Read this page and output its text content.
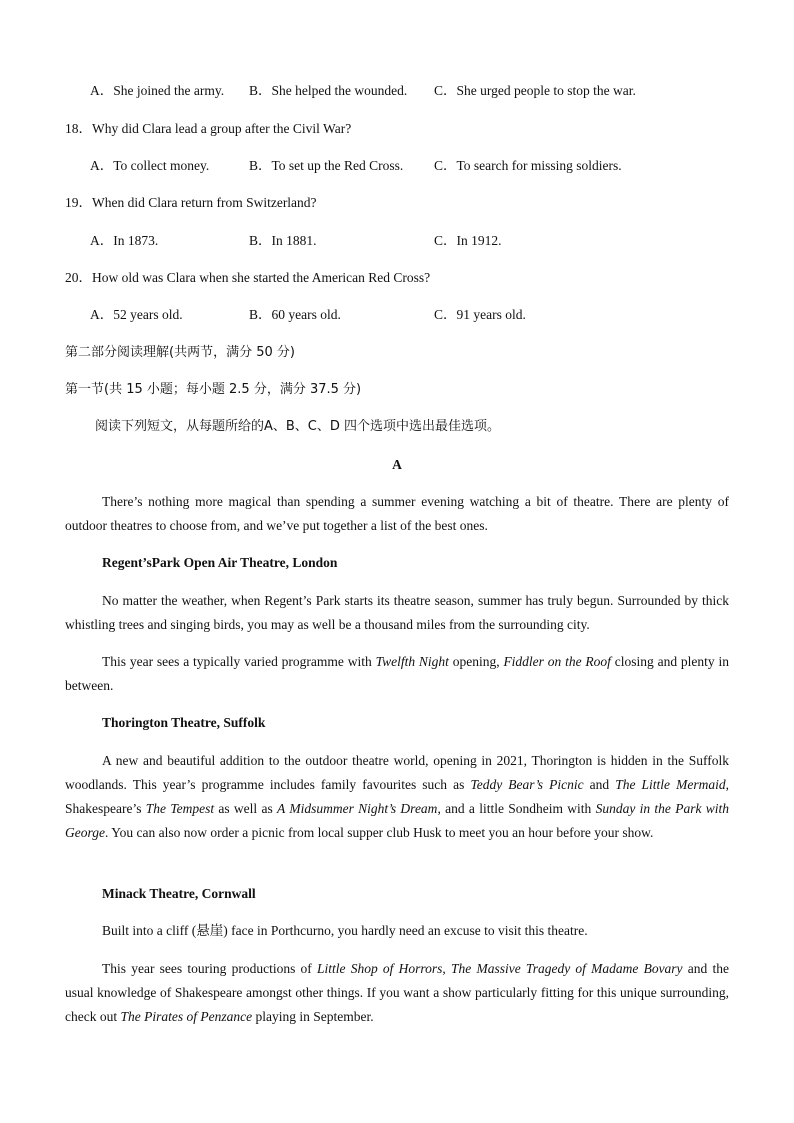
A．She joined the army. B．She helped the wounded. C．She urged people to stop the war.
18．Why did Clara lead a group after the Civil War?
A．To collect money.	B．To set up the Red Cross. C．To search for missing soldiers.
19．When did Clara return from Switzerland?
A．In 1873.	B．In 1881.	C．In 1912.
20．How old was Clara when she started the American Red Cross?
A．52 years old.	B．60 years old.	C．91 years old.
第二部分阅读理解(共两节，满分 50 分)
第一节(共 15 小题；每小题 2.5 分，满分 37.5 分)
阅读下列短文，从每题所给的A、B、C、D 四个选项中选出最佳选项。
A

There’s nothing more magical than spending a summer evening watching a bit of theatre. There are plenty of outdoor theatres to choose from, and we’ve put together a list of the best ones.

Regent’sPark Open Air Theatre, London

No matter the weather, when Regent’s Park starts its theatre season, summer has truly begun. Surrounded by thick whistling trees and singing birds, you may as well be a thousand miles from the surrounding city.

This year sees a typically varied programme with Twelfth Night opening, Fiddler on the Roof closing and plenty in between.

Thorington Theatre, Suffolk

A new and beautiful addition to the outdoor theatre world, opening in 2021, Thorington is hidden in the Suffolk woodlands. This year’s programme includes family favourites such as Teddy Bear’s Picnic and The Little Mermaid, Shakespeare’s The Tempest as well as A Midsummer Night’s Dream, and a little Sondheim with Sunday in the Park with George. You can also now order a picnic from local supper club Husk to meet you an hour before your show.

Minack Theatre, Cornwall

Built into a cliff (悬崖) face in Porthcurno, you hardly need an excuse to visit this theatre.

This year sees touring productions of Little Shop of Horrors, The Massive Tragedy of Madame Bovary and the usual knowledge of Shakespeare amongst other things. If you want a show particularly fitting for this unique surrounding, check out The Pirates of Penzance playing in September.
